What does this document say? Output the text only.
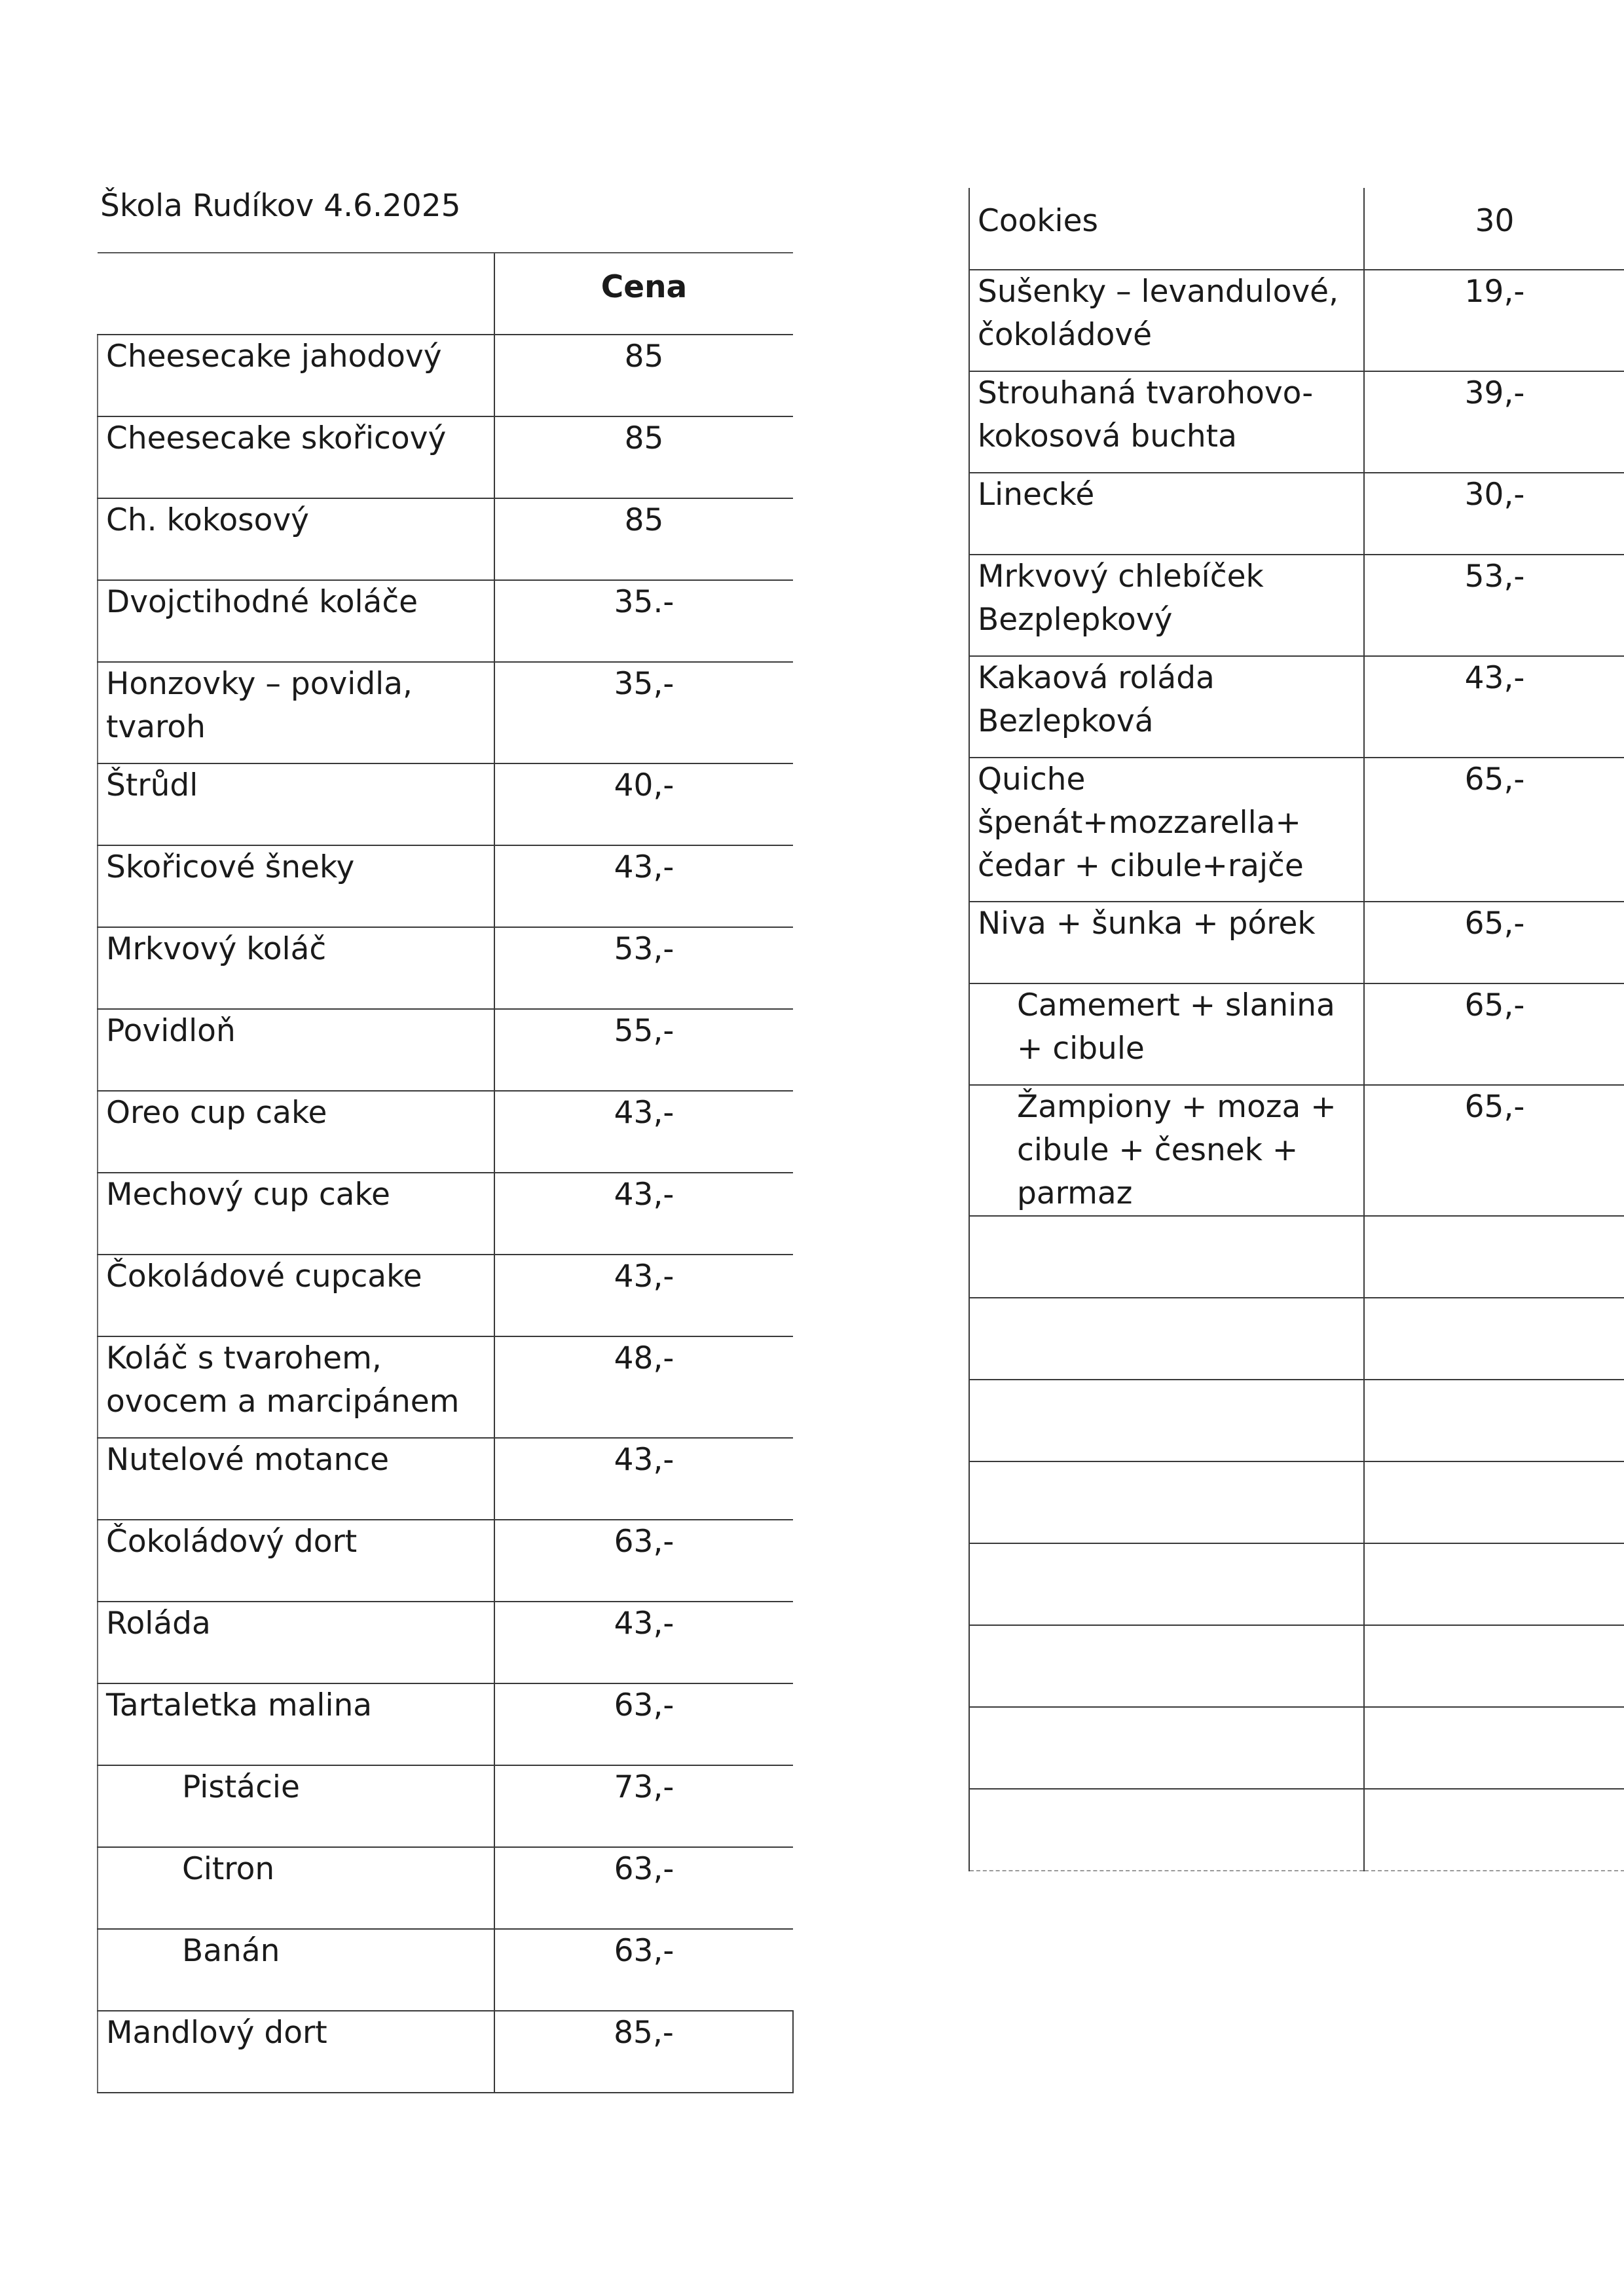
Škola Rudíkov 4.6.2025
	Cena
Cheesecake jahodový	85
Cheesecake skořicový	85
Ch. kokosový	85
Dvojctihodné koláče	35.-
Honzovky – povidla, tvaroh	35,-
Štrůdl	40,-
Skořicové šneky	43,-
Mrkvový koláč	53,-
Povidloň	55,-
Oreo cup cake	43,-
Mechový cup cake	43,-
Čokoládové cupcake	43,-
Koláč s tvarohem, ovocem a marcipánem	48,-
Nutelové motance	43,-
Čokoládový dort	63,-
Roláda	43,-
Tartaletka malina	63,-
Pistácie	73,-
Citron	63,-
Banán	63,-
Mandlový dort	85,-
Cookies	30
Sušenky – levandulové, čokoládové	19,-
Strouhaná tvarohovo-kokosová buchta	39,-
Linecké	30,-
Mrkvový chlebíček Bezplepkový	53,-
Kakaová roláda Bezlepková	43,-
Quiche špenát+mozzarella+ čedar + cibule+rajče	65,-
Niva + šunka + pórek	65,-

Camemert + slanina + cibule	65,-

Žampiony + moza + cibule + česnek + parmaz	65,-
